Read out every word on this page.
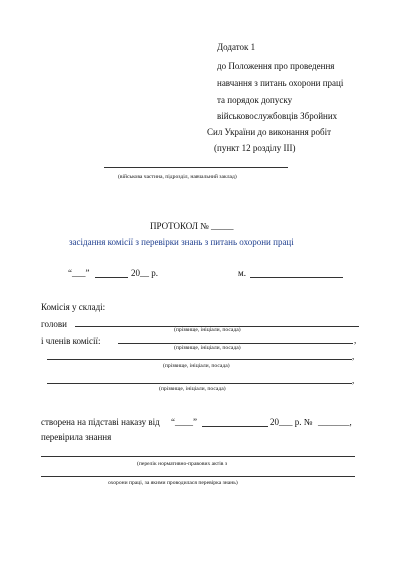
Додаток 1
до Положення про проведення
навчання з питань охорони праці
та порядок допуску
військовослужбовців Збройних
Сил України до виконання робіт
(пункт 12 розділу ІІІ)
(військова частина, підрозділ, навчальний заклад)
ПРОТОКОЛ № _____
засідання комісії з перевірки знань з питань охорони праці
“___”	20__ р.	м.
Комісія у складі:
голови
(прізвище, ініціали, посада)
і членів комісії:	,
(прізвище, ініціали, посада)
,
(прізвище, ініціали, посада)
,
(прізвище, ініціали, посада)
створена на підставі наказу від “____”	20___ р. № _______,
перевірила знання
(перелік нормативно-правових актів з
охорони праці, за якими проводилася перевірка знань)
